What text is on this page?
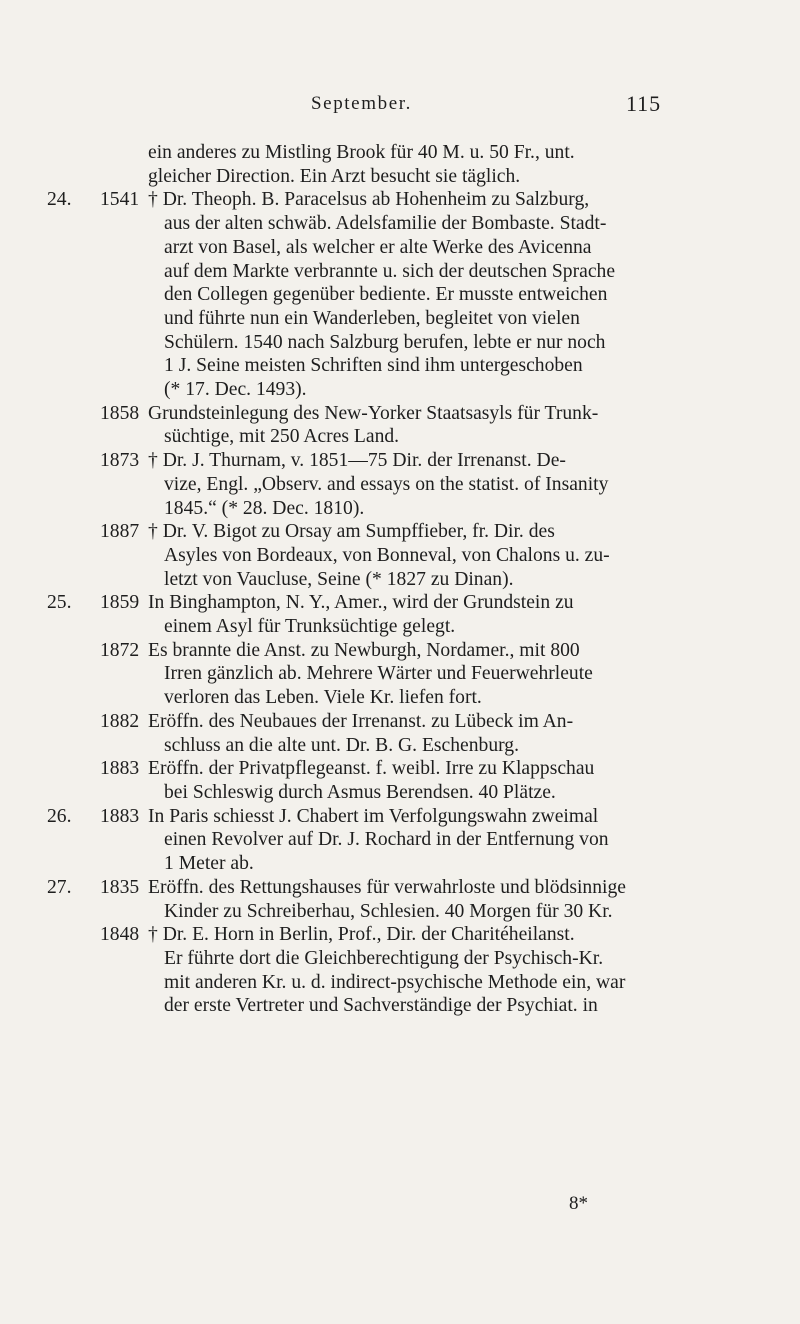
September.	115
ein anderes zu Mistling Brook für 40 M. u. 50 Fr., unt.
gleicher Direction. Ein Arzt besucht sie täglich.
24. 1541 † Dr. Theoph. B. Paracelsus ab Hohenheim zu Salzburg,
aus der alten schwäb. Adelsfamilie der Bombaste. Stadt-
arzt von Basel, als welcher er alte Werke des Avicenna
auf dem Markte verbrannte u. sich der deutschen Sprache
den Collegen gegenüber bediente. Er musste entweichen
und führte nun ein Wanderleben, begleitet von vielen
Schülern. 1540 nach Salzburg berufen, lebte er nur noch
1 J. Seine meisten Schriften sind ihm untergeschoben
(* 17. Dec. 1493).
1858 Grundsteinlegung des New-Yorker Staatsasyls für Trunk-
süchtige, mit 250 Acres Land.
1873 † Dr. J. Thurnam, v. 1851—75 Dir. der Irrenanst. De-
vize, Engl. „Observ. and essays on the statist. of Insanity
1845.“ (* 28. Dec. 1810).
1887 † Dr. V. Bigot zu Orsay am Sumpffieber, fr. Dir. des
Asyles von Bordeaux, von Bonneval, von Chalons u. zu-
letzt von Vaucluse, Seine (* 1827 zu Dinan).
25. 1859 In Binghampton, N. Y., Amer., wird der Grundstein zu
einem Asyl für Trunksüchtige gelegt.
1872 Es brannte die Anst. zu Newburgh, Nordamer., mit 800
Irren gänzlich ab. Mehrere Wärter und Feuerwehrleute
verloren das Leben. Viele Kr. liefen fort.
1882 Eröffn. des Neubaues der Irrenanst. zu Lübeck im An-
schluss an die alte unt. Dr. B. G. Eschenburg.
1883 Eröffn. der Privatpflegeanst. f. weibl. Irre zu Klappschau
bei Schleswig durch Asmus Berendsen. 40 Plätze.
26. 1883 In Paris schiesst J. Chabert im Verfolgungswahn zweimal
einen Revolver auf Dr. J. Rochard in der Entfernung von
1 Meter ab.
27. 1835 Eröffn. des Rettungshauses für verwahrloste und blödsinnige
Kinder zu Schreiberhau, Schlesien. 40 Morgen für 30 Kr.
1848 † Dr. E. Horn in Berlin, Prof., Dir. der Charitéheilanst.
Er führte dort die Gleichberechtigung der Psychisch-Kr.
mit anderen Kr. u. d. indirect-psychische Methode ein, war
der erste Vertreter und Sachverständige der Psychiat. in
8*
